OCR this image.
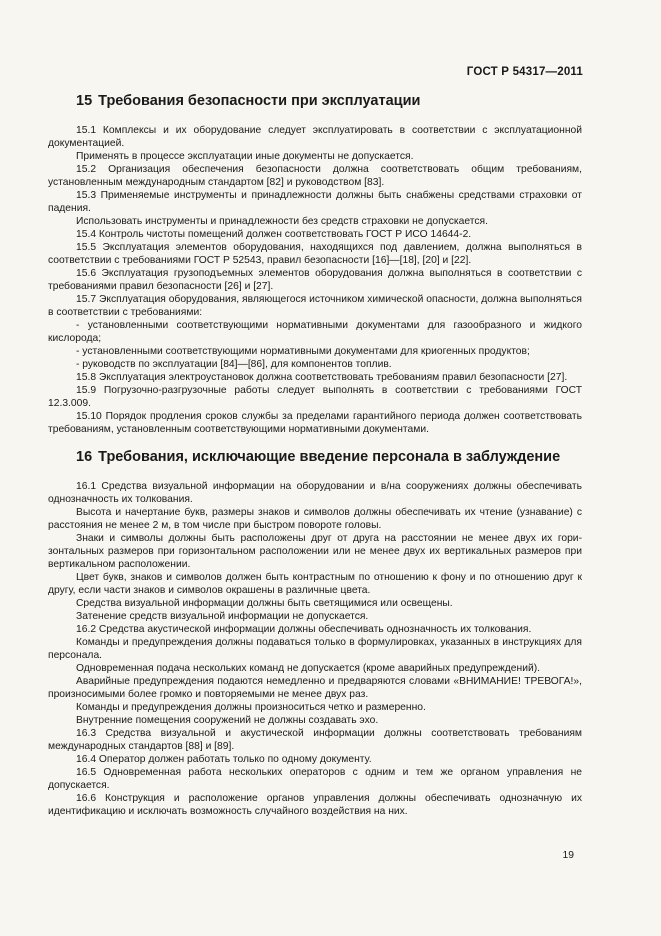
ГОСТ Р 54317—2011
15 Требования безопасности при эксплуатации

15.1 Комплексы и их оборудование следует эксплуатировать в соответствии с эксплуатационной документацией.

Применять в процессе эксплуатации иные документы не допускается.

15.2 Организация обеспечения безопасности должна соответствовать общим требованиям, установленным международным стандартом [82] и руководством [83].

15.3 Применяемые инструменты и принадлежности должны быть снабжены средствами страховки от падения.

Использовать инструменты и принадлежности без средств страховки не допускается.

15.4 Контроль чистоты помещений должен соответствовать ГОСТ Р ИСО 14644-2.

15.5 Эксплуатация элементов оборудования, находящихся под давлением, должна выполняться в соответствии с требованиями ГОСТ Р 52543, правил безопасности [16]—[18], [20] и [22].

15.6 Эксплуатация грузоподъемных элементов оборудования должна выполняться в соответствии с требованиями правил безопасности [26] и [27].

15.7 Эксплуатация оборудования, являющегося источником химической опасности, должна выполняться в соответствии с требованиями:

- установленными соответствующими нормативными документами для газообразного и жидкого кислорода;

- установленными соответствующими нормативными документами для криогенных продуктов;

- руководств по эксплуатации [84]—[86], для компонентов топлив.

15.8 Эксплуатация электроустановок должна соответствовать требованиям правил безопасности [27].

15.9 Погрузочно-разгрузочные работы следует выполнять в соответствии с требованиями ГОСТ 12.3.009.

15.10 Порядок продления сроков службы за пределами гарантийного периода должен соответствовать требованиям, установленным соответствующими нормативными документами.

16 Требования, исключающие введение персонала в заблуждение

16.1 Средства визуальной информации на оборудовании и в/на сооружениях должны обеспечивать однозначность их толкования.

Высота и начертание букв, размеры знаков и символов должны обеспечивать их чтение (узнавание) с расстояния не менее 2 м, в том числе при быстром повороте головы.

Знаки и символы должны быть расположены друг от друга на расстоянии не менее двух их горизонтальных размеров при горизонтальном расположении или не менее двух их вертикальных размеров при вертикальном расположении.

Цвет букв, знаков и символов должен быть контрастным по отношению к фону и по отношению друг к другу, если части знаков и символов окрашены в различные цвета.

Средства визуальной информации должны быть светящимися или освещены.

Затенение средств визуальной информации не допускается.

16.2 Средства акустической информации должны обеспечивать однозначность их толкования.

Команды и предупреждения должны подаваться только в формулировках, указанных в инструкциях для персонала.

Одновременная подача нескольких команд не допускается (кроме аварийных предупреждений).

Аварийные предупреждения подаются немедленно и предваряются словами «ВНИМАНИЕ! ТРЕВОГА!», произносимыми более громко и повторяемыми не менее двух раз.

Команды и предупреждения должны произноситься четко и размеренно.

Внутренние помещения сооружений не должны создавать эхо.

16.3 Средства визуальной и акустической информации должны соответствовать требованиям международных стандартов [88] и [89].

16.4 Оператор должен работать только по одному документу.

16.5 Одновременная работа нескольких операторов с одним и тем же органом управления не допускается.

16.6 Конструкция и расположение органов управления должны обеспечивать однозначную их идентификацию и исключать возможность случайного воздействия на них.

19
